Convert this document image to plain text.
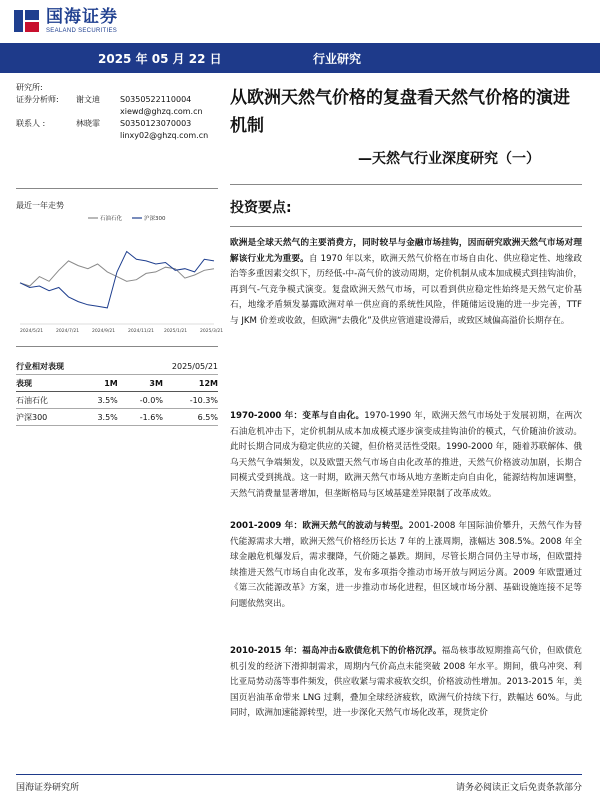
国海证券
SEALAND SECURITIES
2025 年 05 月 22 日	行业研究
研究所:
证券分析师:	谢文迪	S0350522110004
xiewd@ghzq.com.cn
联系人 :	林晓霏	S0350123070003
linxy02@ghzq.com.cn
最近一年走势
石油石化	沪深300
2024/5/21	2024/7/21	2024/9/21	2024/11/21 2025/1/21	2025/3/21
行业相对表现		2025/05/21	
表现	1M	3M	12M
石油石化	3.5%	-0.0%	-10.3%
沪深300	3.5%	-1.6%	6.5%
从欧洲天然气价格的复盘看天然气价格的演进
机制
—天然气行业深度研究（一）
投资要点:
欧洲是全球天然气的主要消费方，同时较早与金融市场挂钩，因而研究欧洲天然气市场对理解该行业尤为重要。自 1970 年以来，欧洲天然气价格在市场自由化、供应稳定性、地缘政治等多重因素交织下，历经低-中-高气价的波动周期，定价机制从成本加成模式到挂钩油价，再到气-气竞争模式演变。复盘欧洲天然气市场，可以看到供应稳定性始终是天然气定价基石，地缘矛盾频发暴露欧洲对单一供应商的系统性风险，伴随储运设施的进一步完善，TTF 与 JKM 价差或收敛，但欧洲“去俄化”及供应管道建设滞后，或致区域偏高溢价长期存在。
1970-2000 年：变革与自由化。1970-1990 年，欧洲天然气市场处于发展初期，在两次石油危机冲击下，定价机制从成本加成模式逐步演变成挂钩油价的模式，气价随油价波动。此时长期合同成为稳定供应的关键，但价格灵活性受限。1990-2000 年，随着苏联解体、俄乌天然气争端频发，以及欧盟天然气市场自由化改革的推进，天然气价格波动加剧，长期合同模式受到挑战。这一时期，欧洲天然气市场从地方垄断走向自由化，能源结构加速调整，天然气消费量显著增加，但垄断格局与区域基建差异限制了改革成效。
2001-2009 年：欧洲天然气的波动与转型。2001-2008 年国际油价攀升，天然气作为替代能源需求大增，欧洲天然气价格经历长达 7 年的上涨周期，涨幅达 308.5%。2008 年全球金融危机爆发后，需求骤降，气价随之暴跌。期间，尽管长期合同仍主导市场，但欧盟持续推进天然气市场自由化改革，发布多项指令推动市场开放与网运分离。2009 年欧盟通过《第三次能源改革》方案，进一步推动市场化进程，但区域市场分割、基础设施连接不足等问题依然突出。
2010-2015 年：福岛冲击&欧债危机下的价格沉浮。福岛核事故短期推高气价，但欧债危机引发的经济下滑抑制需求，周期内气价高点未能突破 2008 年水平。期间，俄乌冲突、利比亚局势动荡等事件频发，供应收紧与需求疲软交织，价格波动性增加。2013-2015 年，美国页岩油革命带来 LNG 过剩，叠加全球经济疲软，欧洲气价持续下行，跌幅达 60%。与此同时，欧洲加速能源转型，进一步深化天然气市场化改革，现货定价
国海证券研究所	请务必阅读正文后免责条款部分
